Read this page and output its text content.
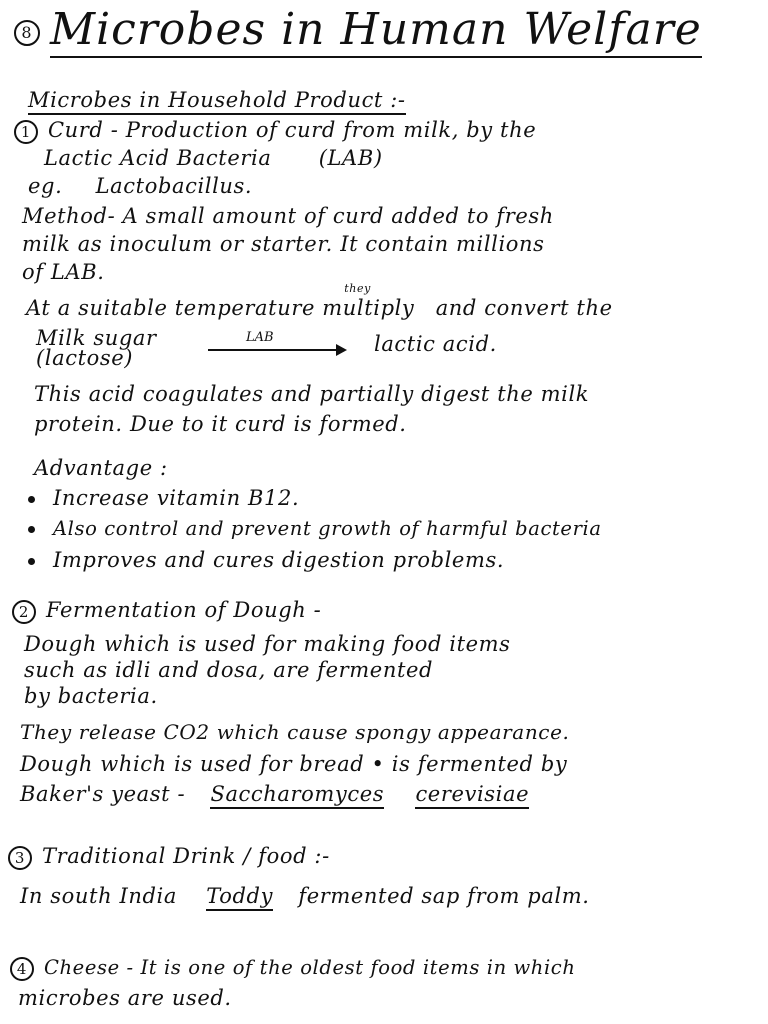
8 Microbes in Human Welfare
Microbes in Household Product :-
1 Curd - Production of curd from milk, by the
Lactic Acid Bacteria (LAB)
eg. Lactobacillus.
Method- A small amount of curd added to fresh
milk as inoculum or starter. It contain millions
of LAB.
At a suitable temperature
they
multiply and convert the
Milk sugar
(lactose)
LAB	lactic acid.
This acid coagulates and partially digest the milk
protein. Due to it curd is formed.
Advantage :
Increase vitamin B12.
Also control and prevent growth of harmful bacteria
Improves and cures digestion problems.
2 Fermentation of Dough -
Dough which is used for making food items
such as idli and dosa, are fermented
by bacteria.
They release CO2 which cause spongy appearance.
Dough which is used for bread • is fermented by
Baker's yeast - Saccharomyces cerevisiae
3 Traditional Drink / food :-
In south India Toddy fermented sap from palm.
4 Cheese - It is one of the oldest food items in which
microbes are used.
